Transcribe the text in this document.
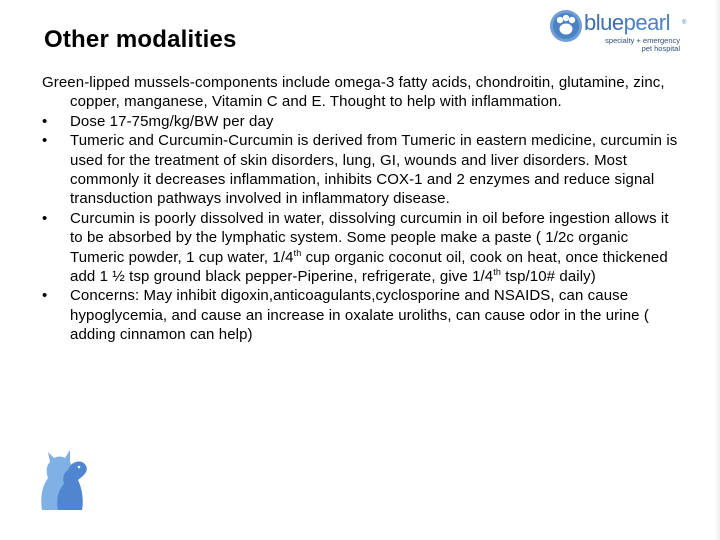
Other modalities
bluepearl ®
specialty + emergency
pet hospital
Green-lipped mussels-components include omega-3 fatty acids, chondroitin, glutamine, zinc, copper, manganese, Vitamin C and E. Thought to help with inflammation.
•	Dose 17-75mg/kg/BW per day
•	Tumeric and Curcumin-Curcumin is derived from Tumeric in eastern medicine, curcumin is used for the treatment of skin disorders, lung, GI, wounds and liver disorders. Most commonly it decreases inflammation, inhibits COX-1 and 2 enzymes and reduce signal transduction pathways involved in inflammatory disease.
•	Curcumin is poorly dissolved in water, dissolving curcumin in oil before ingestion allows it to be absorbed by the lymphatic system. Some people make a paste ( 1/2c organic Tumeric powder, 1 cup water, 1/4th cup organic coconut oil, cook on heat, once thickened add 1 ½ tsp ground black pepper-Piperine, refrigerate, give 1/4th tsp/10# daily)
•	Concerns: May inhibit digoxin,anticoagulants,cyclosporine and NSAIDS, can cause hypoglycemia, and cause an increase in oxalate uroliths, can cause odor in the urine ( adding cinnamon can help)
